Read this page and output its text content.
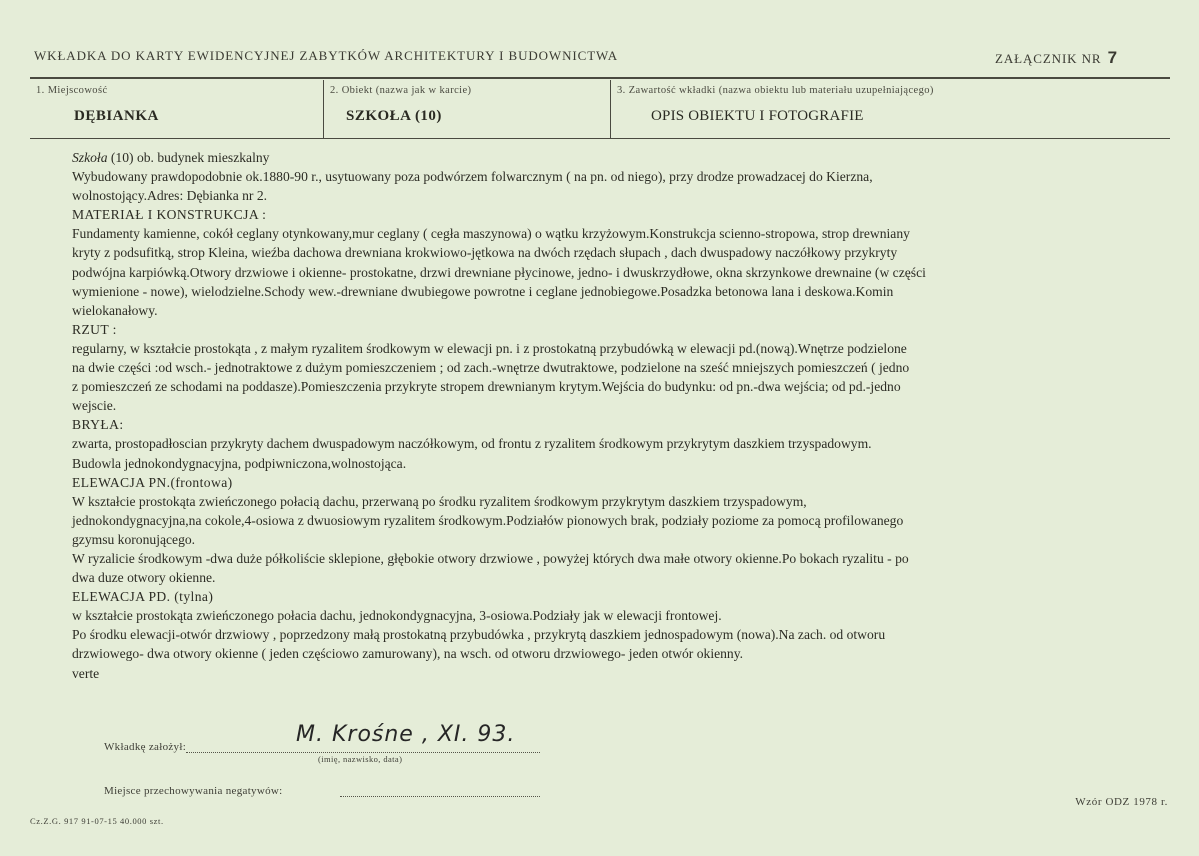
WKŁADKA DO KARTY EWIDENCYJNEJ ZABYTKÓW ARCHITEKTURY I BUDOWNICTWA	ZAŁĄCZNIK NR 7
1. Miejscowość
DĘBIANKA
2. Obiekt (nazwa jak w karcie)
SZKOŁA (10)
3. Zawartość wkładki (nazwa obiektu lub materiału uzupełniającego)
OPIS OBIEKTU I FOTOGRAFIE
Szkoła (10) ob. budynek mieszkalny
Wybudowany prawdopodobnie ok.1880-90 r., usytuowany poza podwórzem folwarcznym ( na pn. od niego), przy drodze prowadzacej do Kierzna,
wolnostojący.Adres: Dębianka nr 2.
MATERIAŁ I KONSTRUKCJA :
Fundamenty kamienne, cokół ceglany otynkowany,mur ceglany ( cegła maszynowa) o wątku krzyżowym.Konstrukcja scienno-stropowa, strop drewniany
kryty z podsufitką, strop Kleina, wieźba dachowa drewniana krokwiowo-jętkowa na dwóch rzędach słupach , dach dwuspadowy naczółkowy przykryty
podwójna karpiówką.Otwory drzwiowe i okienne- prostokatne, drzwi drewniane płycinowe, jedno- i dwuskrzydłowe, okna skrzynkowe drewnaine (w części
wymienione - nowe), wielodzielne.Schody wew.-drewniane dwubiegowe powrotne i ceglane jednobiegowe.Posadzka betonowa lana i deskowa.Komin
wielokanałowy.
RZUT :
regularny, w kształcie prostokąta , z małym ryzalitem środkowym w elewacji pn. i z prostokatną przybudówką w elewacji pd.(nową).Wnętrze podzielone
na dwie części :od wsch.- jednotraktowe z dużym pomieszczeniem ; od zach.-wnętrze dwutraktowe, podzielone na sześć mniejszych pomieszczeń ( jedno
z pomieszczeń ze schodami na poddasze).Pomieszczenia przykryte stropem drewnianym krytym.Wejścia do budynku: od pn.-dwa wejścia; od pd.-jedno
wejscie.
BRYŁA:
zwarta, prostopadłoscian przykryty dachem dwuspadowym naczółkowym, od frontu z ryzalitem środkowym przykrytym daszkiem trzyspadowym.
Budowla jednokondygnacyjna, podpiwniczona,wolnostojąca.
ELEWACJA PN.(frontowa)
W kształcie prostokąta zwieńczonego połacią dachu, przerwaną po środku ryzalitem środkowym przykrytym daszkiem trzyspadowym,
jednokondygnacyjna,na cokole,4-osiowa z dwuosiowym ryzalitem środkowym.Podziałów pionowych brak, podziały poziome za pomocą profilowanego
gzymsu koronującego.
W ryzalicie środkowym -dwa duże półkoliście sklepione, głębokie otwory drzwiowe , powyżej których dwa małe otwory okienne.Po bokach ryzalitu - po
dwa duze otwory okienne.
ELEWACJA PD. (tylna)
w kształcie prostokąta zwieńczonego połacia dachu, jednokondygnacyjna, 3-osiowa.Podziały jak w elewacji frontowej.
Po środku elewacji-otwór drzwiowy , poprzedzony małą prostokatną przybudówka , przykrytą daszkiem jednospadowym (nowa).Na zach. od otworu
drzwiowego- dwa otwory okienne ( jeden częściowo zamurowany), na wsch. od otworu drzwiowego- jeden otwór okienny.
verte
Wkładkę założył:	M. Krośne , XI. 93.
(imię, nazwisko, data)
Miejsce przechowywania negatywów:
Wzór ODZ 1978 r.
Cz.Z.G. 917 91-07-15 40.000 szt.
